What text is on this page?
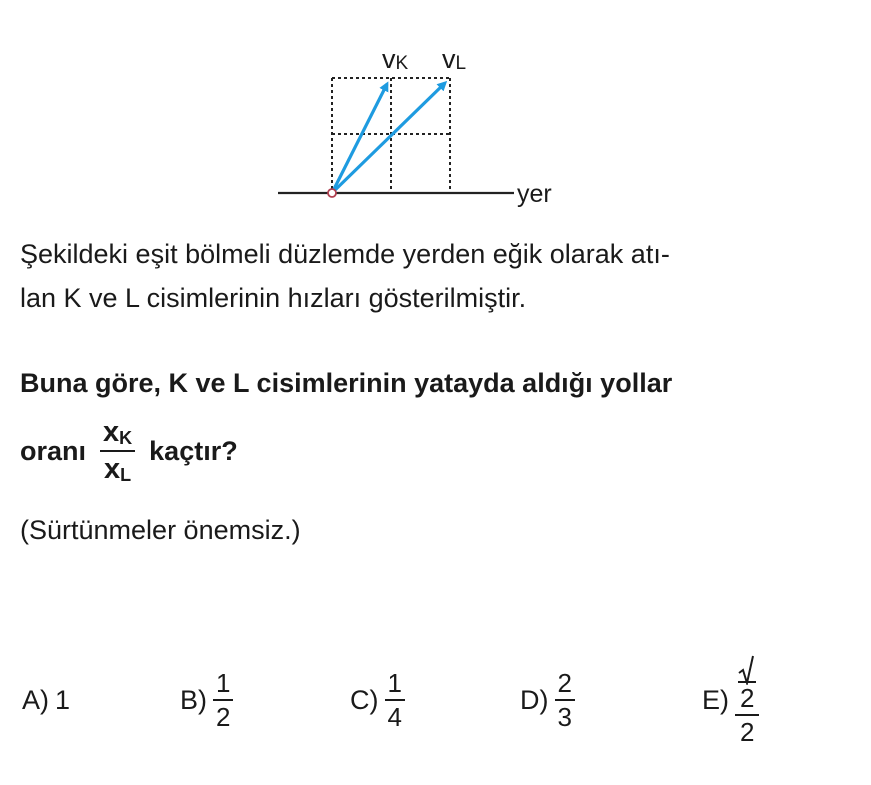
vK vL
yer

Şekildeki eşit bölmeli düzlemde yerden eğik olarak atı-

lan K ve L cisimlerinin hızları gösterilmiştir.

Buna göre, K ve L cisimlerinin yatayda aldığı yollar

oranı $\frac{x_K}{x_L}$ kaçtır?
(Sürtünmeler önemsiz.)
A) 1	$B) \frac{1}{2}$	$C) \frac{1}{4}$	$D) \frac{2}{3}$	$E) \frac{2}{2}$
